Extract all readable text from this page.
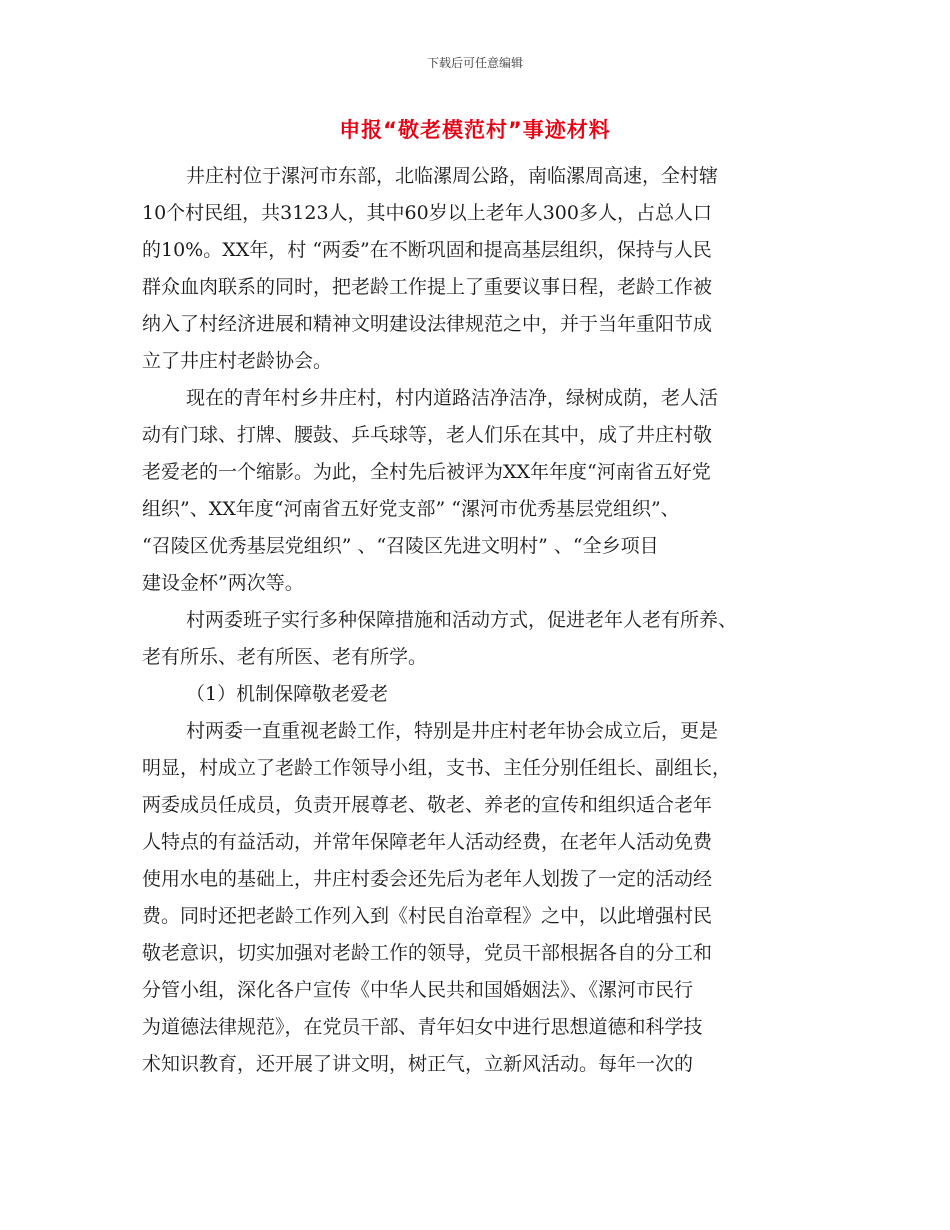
下载后可任意编辑
申报“敬老模范村”事迹材料
井庄村位于漯河市东部，北临漯周公路，南临漯周高速，全村辖
10个村民组，共3123人，其中60岁以上老年人300多人，占总人口
的10%。XX年，村 “两委”在不断巩固和提高基层组织，保持与人民
群众血肉联系的同时，把老龄工作提上了重要议事日程，老龄工作被
纳入了村经济进展和精神文明建设法律规范之中，并于当年重阳节成
立了井庄村老龄协会。
现在的青年村乡井庄村，村内道路洁净洁净，绿树成荫，老人活
动有门球、打牌、腰鼓、乒乓球等，老人们乐在其中，成了井庄村敬
老爱老的一个缩影。为此，全村先后被评为XX年年度“河南省五好党
组织”、XX年度“河南省五好党支部” “漯河市优秀基层党组织”、
“召陵区优秀基层党组织” 、“召陵区先进文明村” 、“全乡项目
建设金杯”两次等。
村两委班子实行多种保障措施和活动方式，促进老年人老有所养、
老有所乐、老有所医、老有所学。
（1）机制保障敬老爱老
村两委一直重视老龄工作，特别是井庄村老年协会成立后，更是
明显，村成立了老龄工作领导小组，支书、主任分别任组长、副组长，
两委成员任成员，负责开展尊老、敬老、养老的宣传和组织适合老年
人特点的有益活动，并常年保障老年人活动经费，在老年人活动免费
使用水电的基础上，井庄村委会还先后为老年人划拨了一定的活动经
费。同时还把老龄工作列入到《村民自治章程》之中，以此增强村民
敬老意识，切实加强对老龄工作的领导，党员干部根据各自的分工和
分管小组，深化各户宣传《中华人民共和国婚姻法》、《漯河市民行
为道德法律规范》，在党员干部、青年妇女中进行思想道德和科学技
术知识教育，还开展了讲文明，树正气，立新风活动。每年一次的
